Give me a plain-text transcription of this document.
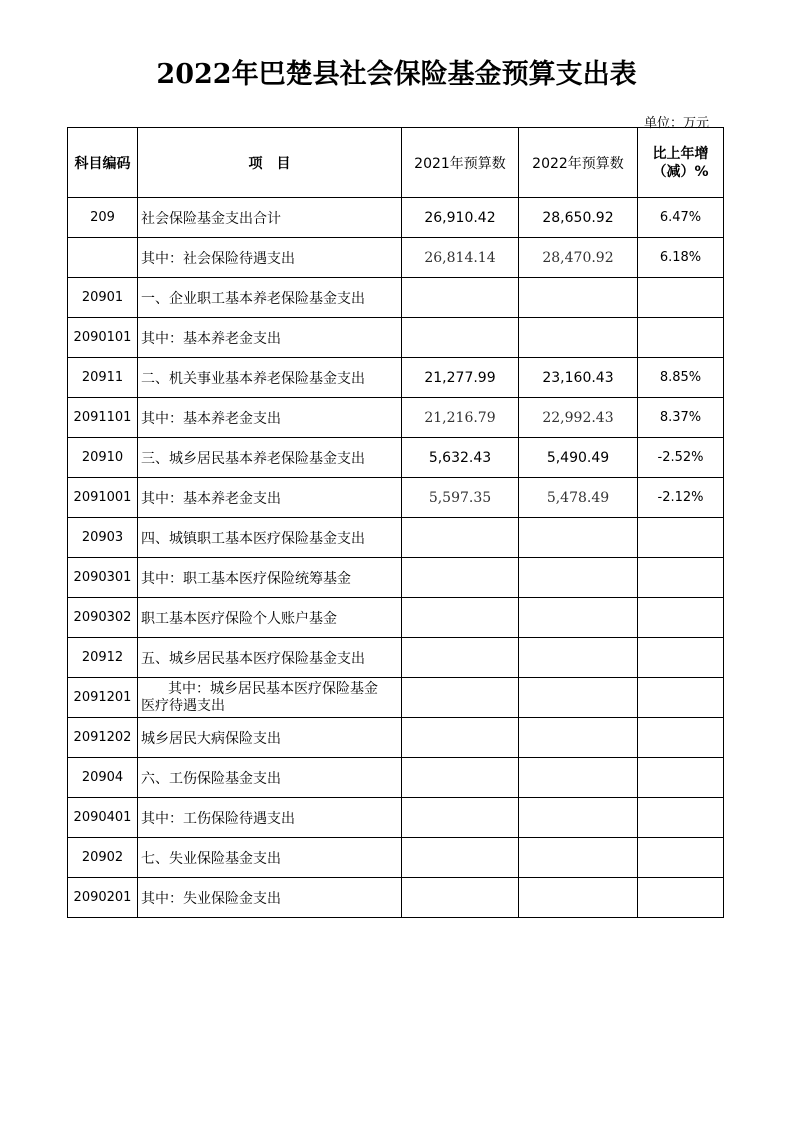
2022年巴楚县社会保险基金预算支出表
单位：万元
科目编码	项　目	2021年预算数	2022年预算数	比上年增
（减）%
209	社会保险基金支出合计	26,910.42	28,650.92	6.47%
	其中：社会保险待遇支出	26,814.14	28,470.92	6.18%
20901	一、企业职工基本养老保险基金支出			
2090101	其中：基本养老金支出			
20911	二、机关事业基本养老保险基金支出	21,277.99	23,160.43	8.85%
2091101	其中：基本养老金支出	21,216.79	22,992.43	8.37%
20910	三、城乡居民基本养老保险基金支出	5,632.43	5,490.49	-2.52%
2091001	其中：基本养老金支出	5,597.35	5,478.49	-2.12%
20903	四、城镇职工基本医疗保险基金支出			
2090301	其中：职工基本医疗保险统筹基金			
2090302	职工基本医疗保险个人账户基金			
20912	五、城乡居民基本医疗保险基金支出			
2091201	其中：城乡居民基本医疗保险基金
医疗待遇支出			
2091202	城乡居民大病保险支出			
20904	六、工伤保险基金支出			
2090401	其中：工伤保险待遇支出			
20902	七、失业保险基金支出			
2090201	其中：失业保险金支出			
